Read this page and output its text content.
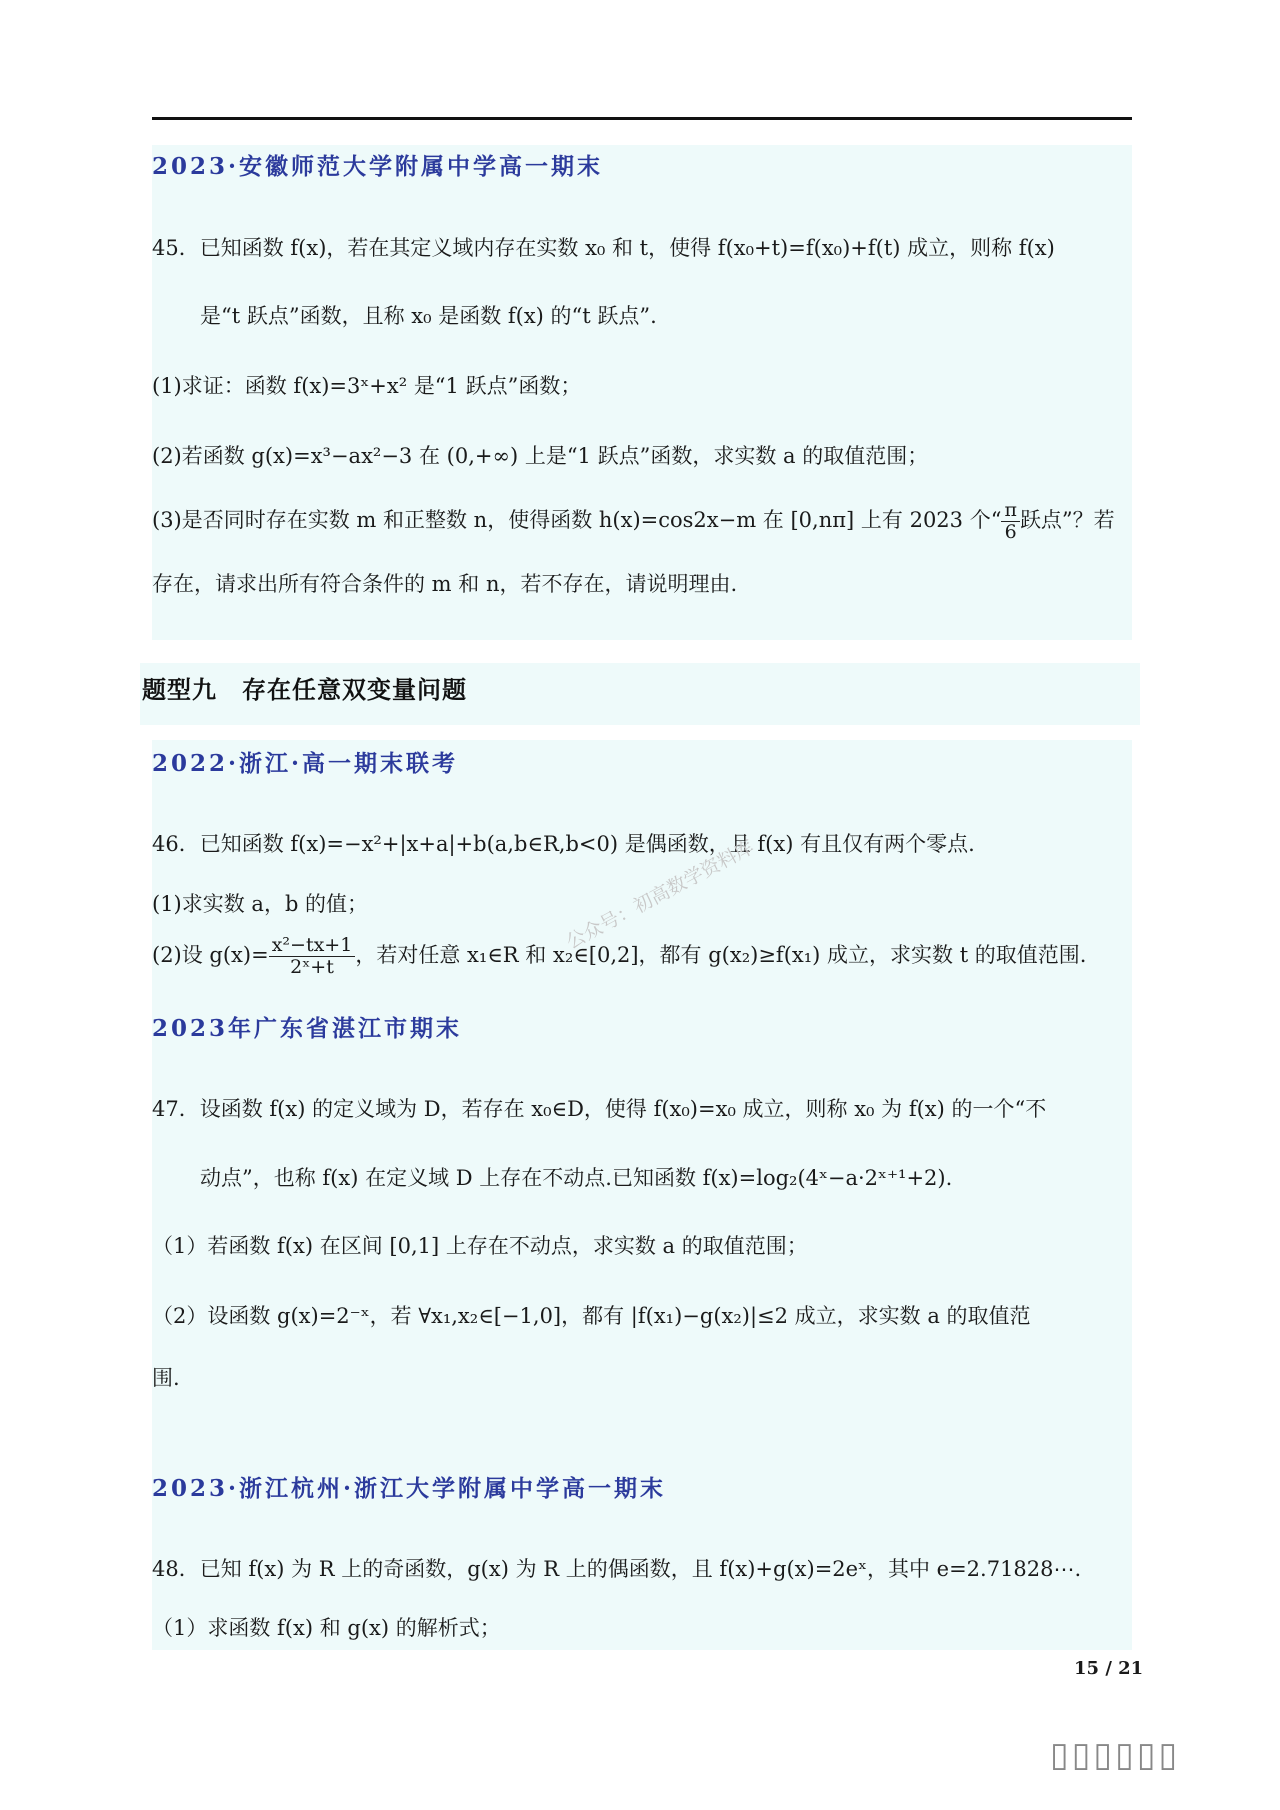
2023·安徽师范大学附属中学高一期末
45．已知函数 f(x)，若在其定义域内存在实数 x₀ 和 t，使得 f(x₀+t)=f(x₀)+f(t) 成立，则称 f(x)
是“t 跃点”函数，且称 x₀ 是函数 f(x) 的“t 跃点”.
(1)求证：函数 f(x)=3ˣ+x² 是“1 跃点”函数；
(2)若函数 g(x)=x³−ax²−3 在 (0,+∞) 上是“1 跃点”函数，求实数 a 的取值范围；
(3)是否同时存在实数 m 和正整数 n，使得函数 h(x)=cos2x−m 在 [0,nπ] 上有 2023 个“ $\frac{\pi}{6}$ 跃点”？若
存在，请求出所有符合条件的 m 和 n，若不存在，请说明理由.
题型九　存在任意双变量问题
2022·浙江·高一期末联考
46．已知函数 f(x)=−x²+|x+a|+b(a,b∈R,b<0) 是偶函数，且 f(x) 有且仅有两个零点.
(1)求实数 a，b 的值；
(2)设 $g(x)= \frac{\text{x²−tx+1}}{\text{2ˣ+t}}$ ，若对任意 x₁∈R 和 x₂∈[0,2]，都有 g(x₂)≥f(x₁) 成立，求实数 t 的取值范围.
2023年广东省湛江市期末
47．设函数 f(x) 的定义域为 D，若存在 x₀∈D，使得 f(x₀)=x₀ 成立，则称 x₀ 为 f(x) 的一个“不
动点”，也称 f(x) 在定义域 D 上存在不动点.已知函数 f(x)=log₂(4ˣ−a·2ˣ⁺¹+2).
（1）若函数 f(x) 在区间 [0,1] 上存在不动点，求实数 a 的取值范围；
（2）设函数 g(x)=2⁻ˣ，若 ∀x₁,x₂∈[−1,0]，都有 |f(x₁)−g(x₂)|≤2 成立，求实数 a 的取值范
围.
2023·浙江杭州·浙江大学附属中学高一期末
48．已知 f(x) 为 R 上的奇函数，g(x) 为 R 上的偶函数，且 f(x)+g(x)=2eˣ，其中 e=2.71828⋯.
（1）求函数 f(x) 和 g(x) 的解析式；
公众号：初高数学资料库
15 / 21
▯▯▯▯▯▯
